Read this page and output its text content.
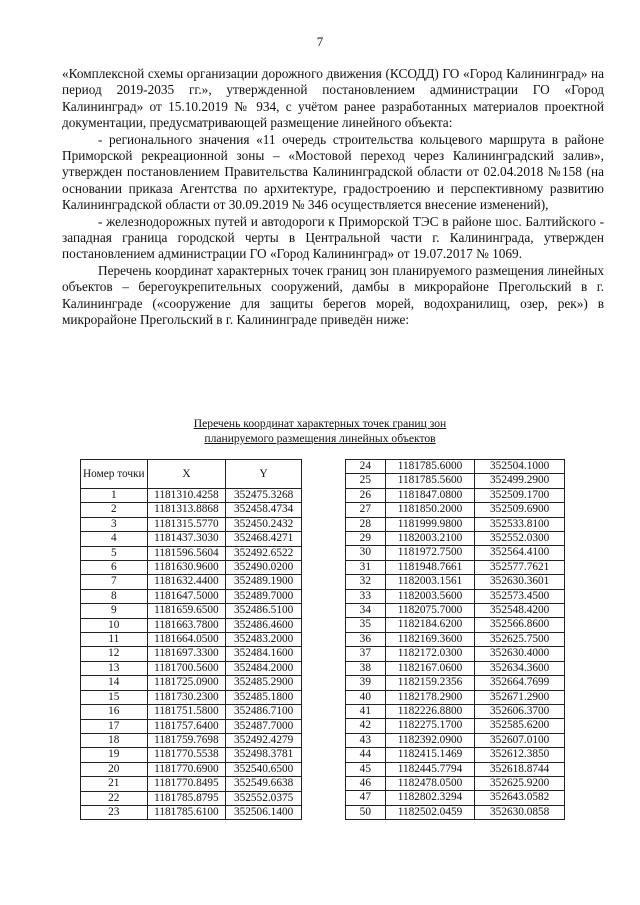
7

«Комплексной схемы организации дорожного движения (КСОДД) ГО «Город Калининград» на период 2019-2035 гг.», утвержденной постановлением администрации ГО «Город Калининград» от 15.10.2019 № 934, с учётом ранее разработанных материалов проектной документации, предусматривающей размещение линейного объекта:

- регионального значения «11 очередь строительства кольцевого маршрута в районе Приморской рекреационной зоны – «Мостовой переход через Калининградский залив», утвержден постановлением Правительства Калининградской области от 02.04.2018 №158 (на основании приказа Агентства по архитектуре, градостроению и перспективному развитию Калининградской области от 30.09.2019 № 346 осуществляется внесение изменений),

- железнодорожных путей и автодороги к Приморской ТЭС в районе шос. Балтийского - западная граница городской черты в Центральной части г. Калининграда, утвержден постановлением администрации ГО «Город Калининград» от 19.07.2017 № 1069.

Перечень координат характерных точек границ зон планируемого размещения линейных объектов – берегоукрепительных сооружений, дамбы в микрорайоне Прегольский в г. Калининграде («сооружение для защиты берегов морей, водохранилищ, озер, рек») в микрорайоне Прегольский в г. Калининграде приведён ниже:

Перечень координат характерных точек границ зон
планируемого размещения линейных объектов
Номер точки	X	Y
1	1181310.4258	352475.3268
2	1181313.8868	352458.4734
3	1181315.5770	352450.2432
4	1181437.3030	352468.4271
5	1181596.5604	352492.6522
6	1181630.9600	352490.0200
7	1181632.4400	352489.1900
8	1181647.5000	352489.7000
9	1181659.6500	352486.5100
10	1181663.7800	352486.4600
11	1181664.0500	352483.2000
12	1181697.3300	352484.1600
13	1181700.5600	352484.2000
14	1181725.0900	352485.2900
15	1181730.2300	352485.1800
16	1181751.5800	352486.7100
17	1181757.6400	352487.7000
18	1181759.7698	352492.4279
19	1181770.5538	352498.3781
20	1181770.6900	352540.6500
21	1181770.8495	352549.6638
22	1181785.8795	352552.0375
23	1181785.6100	352506.1400
24	1181785.6000	352504.1000
25	1181785.5600	352499.2900
26	1181847.0800	352509.1700
27	1181850.2000	352509.6900
28	1181999.9800	352533.8100
29	1182003.2100	352552.0300
30	1181972.7500	352564.4100
31	1181948.7661	352577.7621
32	1182003.1561	352630.3601
33	1182003.5600	352573.4500
34	1182075.7000	352548.4200
35	1182184.6200	352566.8600
36	1182169.3600	352625.7500
37	1182172.0300	352630.4000
38	1182167.0600	352634.3600
39	1182159.2356	352664.7699
40	1182178.2900	352671.2900
41	1182226.8800	352606.3700
42	1182275.1700	352585.6200
43	1182392.0900	352607.0100
44	1182415.1469	352612.3850
45	1182445.7794	352618.8744
46	1182478.0500	352625.9200
47	1182802.3294	352643.0582
50	1182502.0459	352630.0858
